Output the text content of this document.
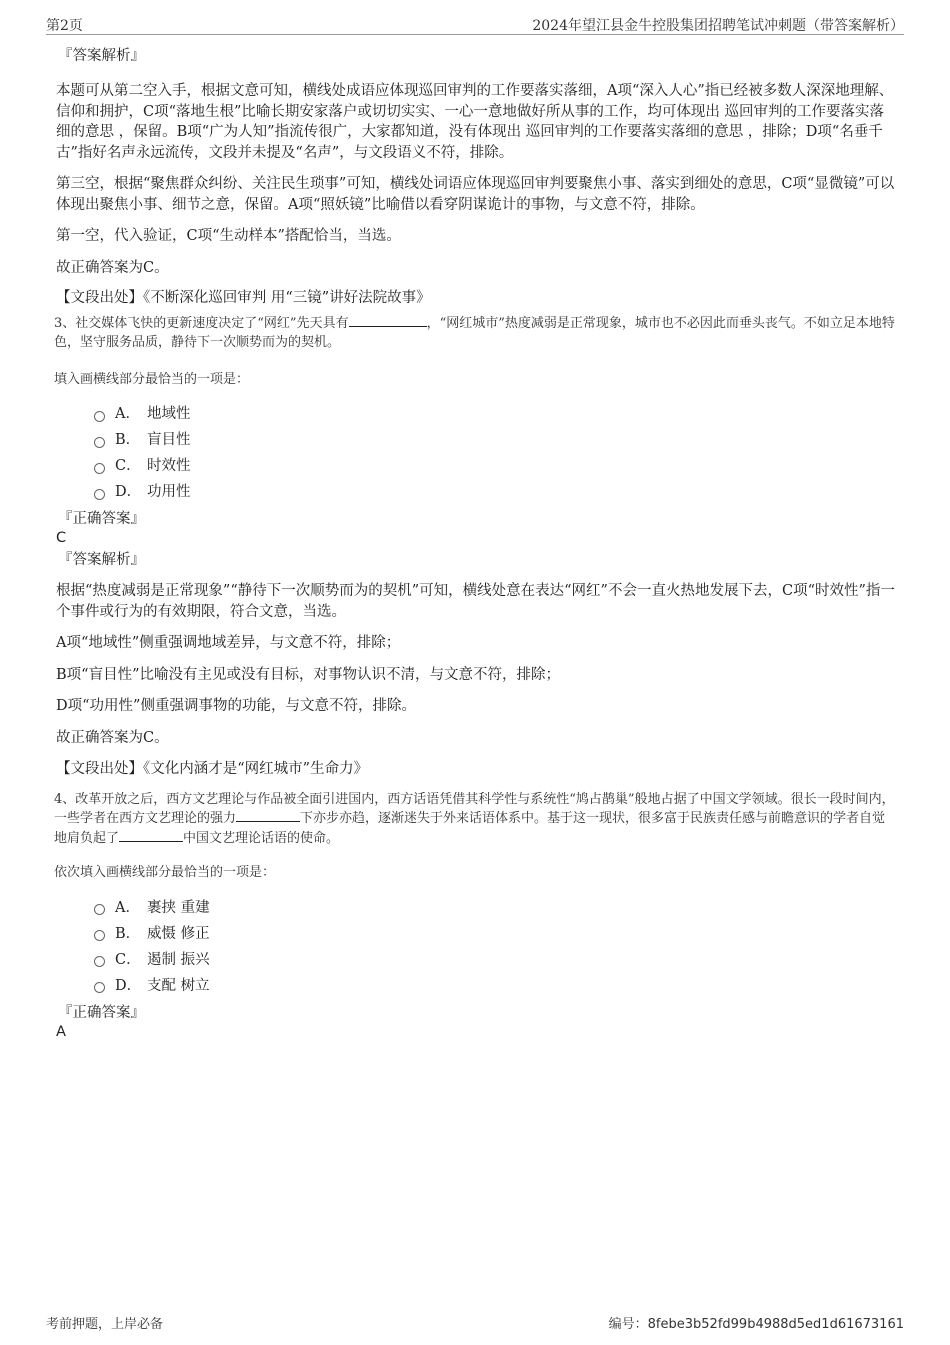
第2页	2024年望江县金牛控股集团招聘笔试冲刺题（带答案解析）
『答案解析』

本题可从第二空入手，根据文意可知，横线处成语应体现巡回审判的工作要落实落细，A项“深入人心”指已经被多数人深深地理解、信仰和拥护，C项“落地生根”比喻长期安家落户或切切实实、一心一意地做好所从事的工作，均可体现出 巡回审判的工作要落实落细的意思 ，保留。B项“广为人知”指流传很广，大家都知道，没有体现出 巡回审判的工作要落实落细的意思 ，排除；D项“名垂千古”指好名声永远流传，文段并未提及“名声”，与文段语义不符，排除。

第三空，根据“聚焦群众纠纷、关注民生琐事”可知，横线处词语应体现巡回审判要聚焦小事、落实到细处的意思，C项“显微镜”可以体现出聚焦小事、细节之意，保留。A项“照妖镜”比喻借以看穿阴谋诡计的事物，与文意不符，排除。

第一空，代入验证，C项“生动样本”搭配恰当，当选。

故正确答案为C。

【文段出处】《不断深化巡回审判 用“三镜”讲好法院故事》

3、社交媒体飞快的更新速度决定了“网红”先天具有	，“网红城市”热度减弱是正常现象，城市也不必因此而垂头丧气。不如立足本地特色，坚守服务品质，静待下一次顺势而为的契机。

填入画横线部分最恰当的一项是：

A． 地域性
B． 盲目性
C． 时效性
D． 功用性
『正确答案』
C
『答案解析』

根据“热度减弱是正常现象”“静待下一次顺势而为的契机”可知，横线处意在表达“网红”不会一直火热地发展下去，C项“时效性”指一个事件或行为的有效期限，符合文意，当选。

A项“地域性”侧重强调地域差异，与文意不符，排除；

B项“盲目性”比喻没有主见或没有目标，对事物认识不清，与文意不符，排除；

D项“功用性”侧重强调事物的功能，与文意不符，排除。

故正确答案为C。

【文段出处】《文化内涵才是“网红城市”生命力》

4、改革开放之后，西方文艺理论与作品被全面引进国内，西方话语凭借其科学性与系统性“鸠占鹊巢”般地占据了中国文学领域。很长一段时间内，一些学者在西方文艺理论的强力	下亦步亦趋，逐渐迷失于外来话语体系中。基于这一现状，很多富于民族责任感与前瞻意识的学者自觉地肩负起了	中国文艺理论话语的使命。

依次填入画横线部分最恰当的一项是：

A． 裹挟 重建
B． 威慑 修正
C． 遏制 振兴
D． 支配 树立
『正确答案』
A
考前押题，上岸必备	编号：8febe3b52fd99b4988d5ed1d61673161
